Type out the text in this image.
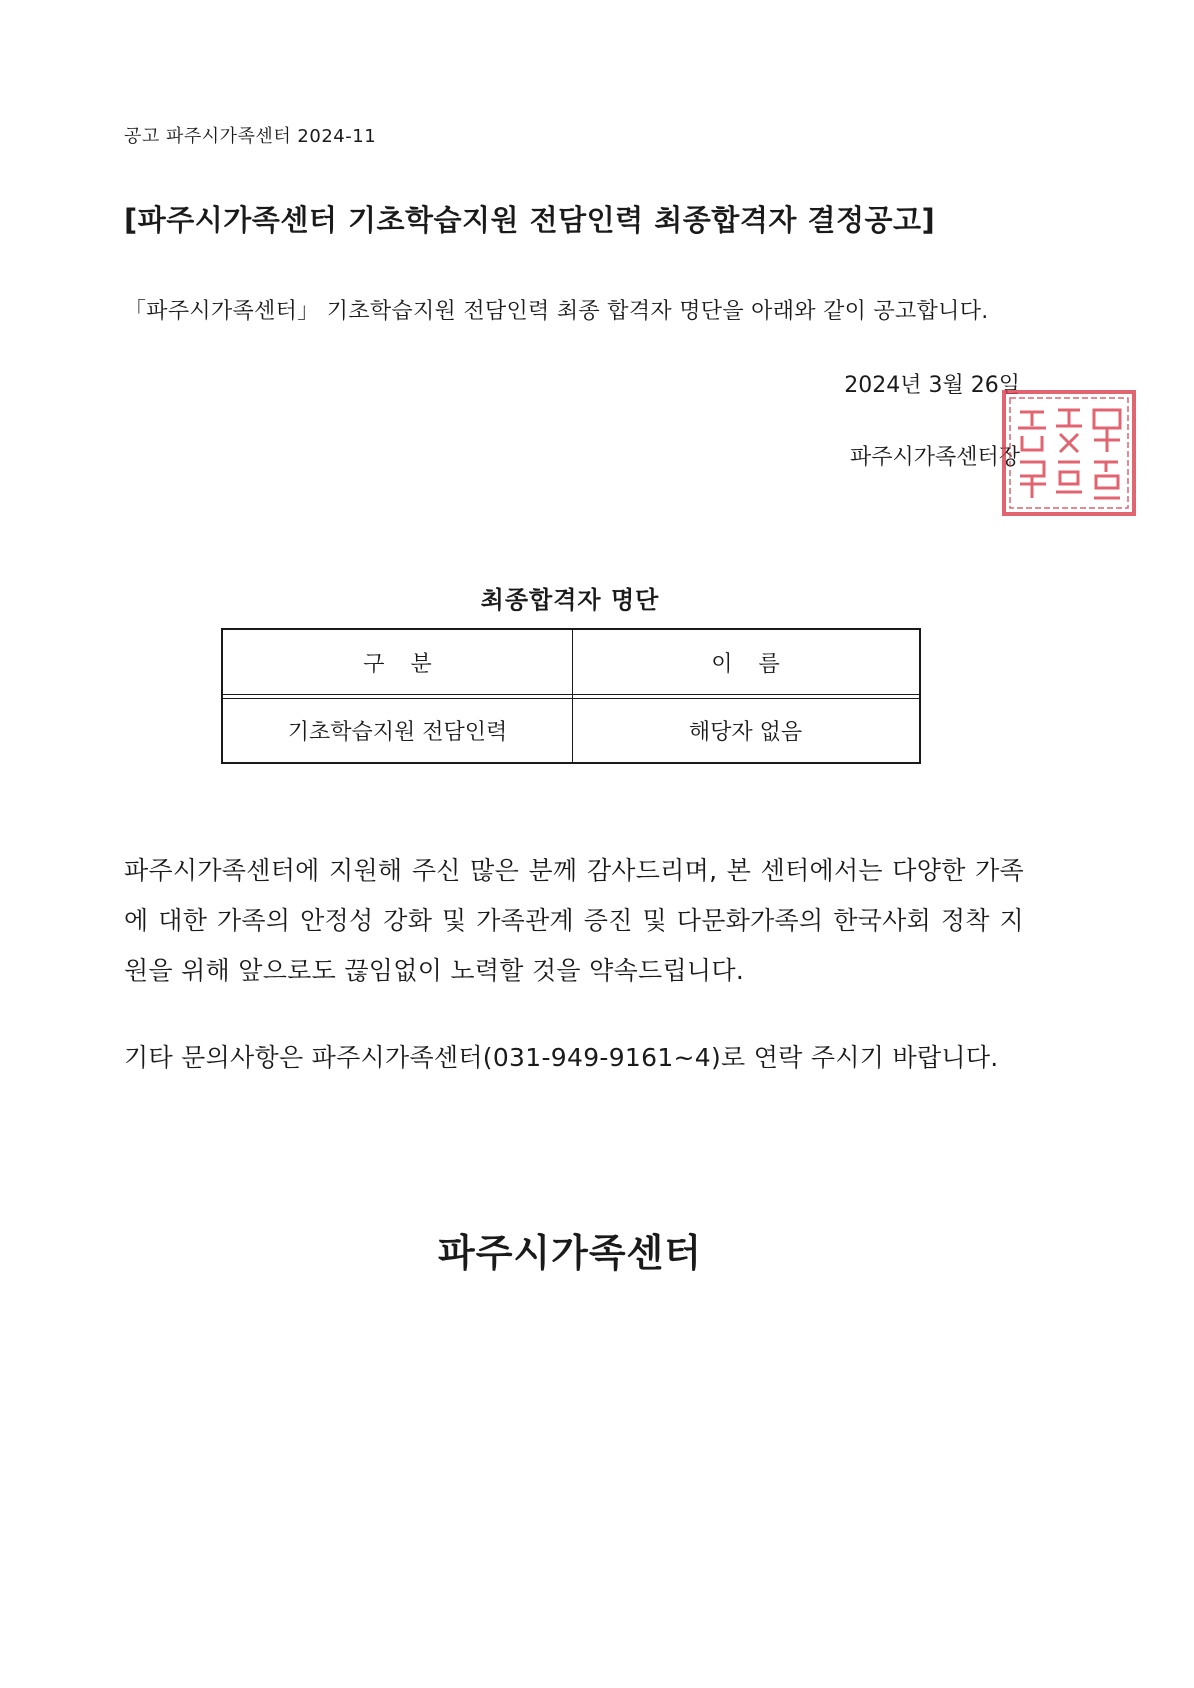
공고 파주시가족센터 2024-11
[파주시가족센터 기초학습지원 전담인력 최종합격자 결정공고]
「파주시가족센터」 기초학습지원 전담인력 최종 합격자 명단을 아래와 같이 공고합니다.
2024년 3월 26일
파주시가족센터장
최종합격자 명단
구분	이름
기초학습지원 전담인력	해당자 없음
파주시가족센터에 지원해 주신 많은 분께 감사드리며, 본 센터에서는 다양한 가족에 대한 가족의 안정성 강화 및 가족관계 증진 및 다문화가족의 한국사회 정착 지원을 위해 앞으로도 끊임없이 노력할 것을 약속드립니다.
기타 문의사항은 파주시가족센터(031-949-9161~4)로 연락 주시기 바랍니다.
파주시가족센터
